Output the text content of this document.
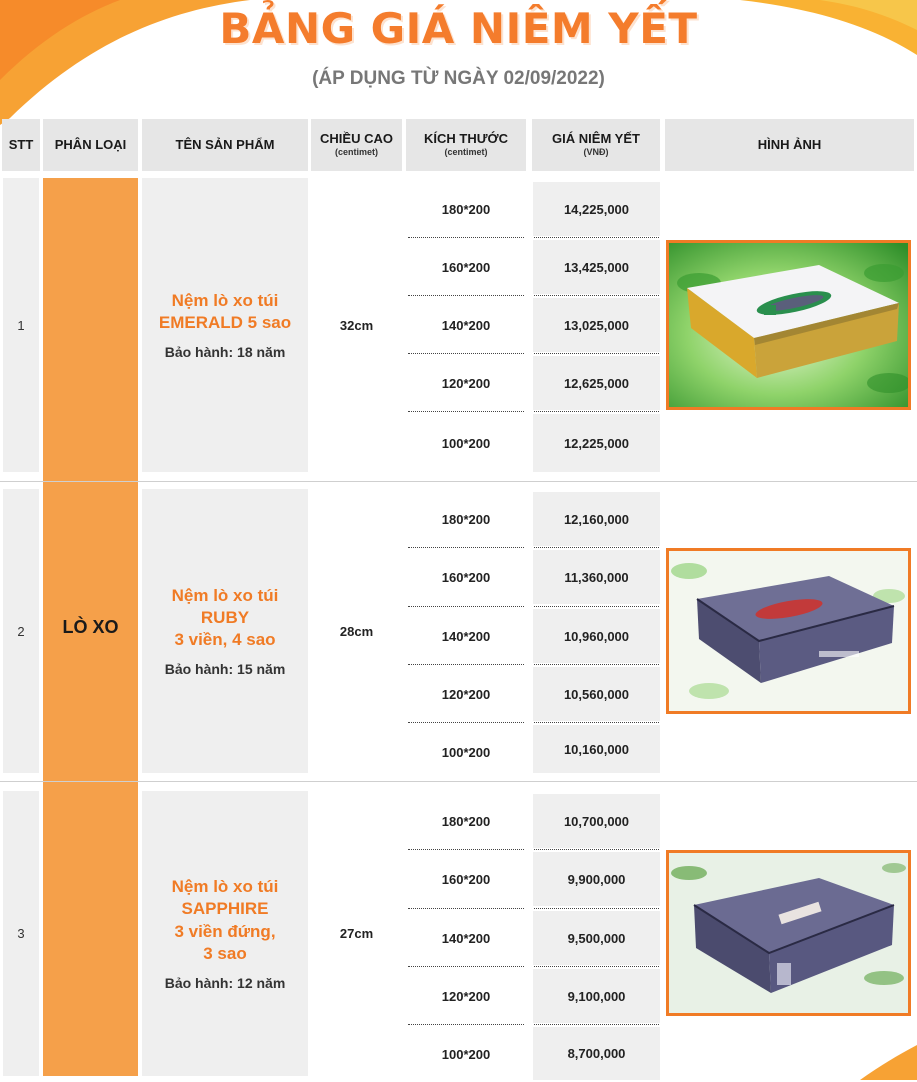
BẢNG GIÁ NIÊM YẾT
(ÁP DỤNG TỪ NGÀY 02/09/2022)
STT PHÂN LOẠI	TÊN SẢN PHẨM	CHIỀU CAO
(centimet)
KÍCH THƯỚC
(centimet)
GIÁ NIÊM YẾT
(VNĐ)
HÌNH ẢNH
LÒ XO
1
Nệm lò xo túi
EMERALD 5 sao
Bảo hành: 18 năm
32cm
180*200
160*200
140*200
120*200
100*200
14,225,000
13,425,000
13,025,000
12,625,000
12,225,000
2
Nệm lò xo túi
RUBY
3 viền, 4 sao
Bảo hành: 15 năm
28cm
180*200
160*200
140*200
120*200
100*200
12,160,000
11,360,000
10,960,000
10,560,000
10,160,000
3
Nệm lò xo túi
SAPPHIRE
3 viền đứng,
3 sao
Bảo hành: 12 năm
27cm
180*200
160*200
140*200
120*200
100*200
10,700,000
9,900,000
9,500,000
9,100,000
8,700,000
